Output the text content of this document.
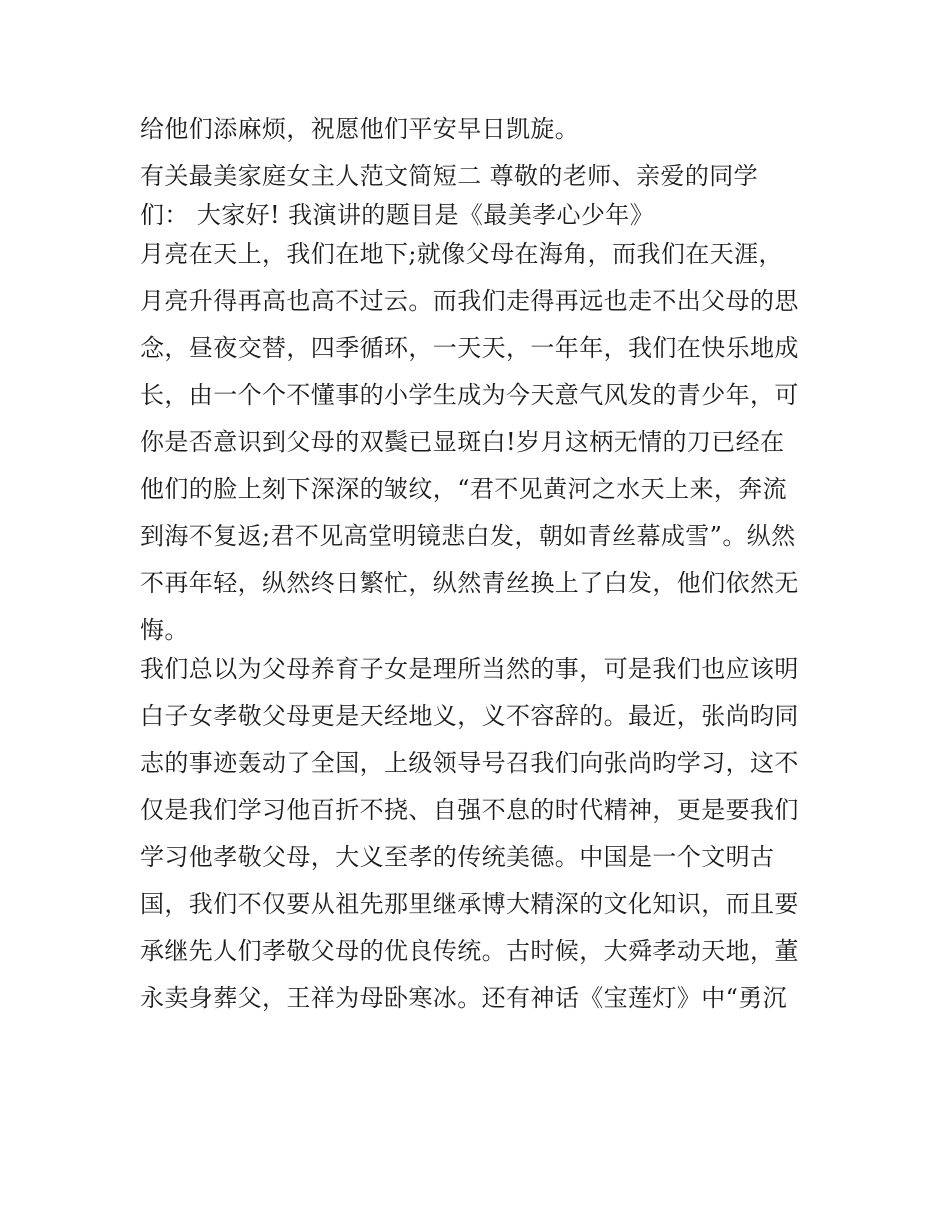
给他们添麻烦，祝愿他们平安早日凯旋。
有关最美家庭女主人范文简短二 尊敬的老师、亲爱的同学
们： 大家好! 我演讲的题目是《最美孝心少年》
月亮在天上，我们在地下;就像父母在海角，而我们在天涯，
月亮升得再高也高不过云。而我们走得再远也走不出父母的思
念，昼夜交替，四季循环，一天天，一年年，我们在快乐地成
长，由一个个不懂事的小学生成为今天意气风发的青少年，可
你是否意识到父母的双鬓已显斑白!岁月这柄无情的刀已经在
他们的脸上刻下深深的皱纹，“君不见黄河之水天上来，奔流
到海不复返;君不见高堂明镜悲白发，朝如青丝幕成雪”。纵然
不再年轻，纵然终日繁忙，纵然青丝换上了白发，他们依然无
悔。
我们总以为父母养育子女是理所当然的事，可是我们也应该明
白子女孝敬父母更是天经地义，义不容辞的。最近，张尚昀同
志的事迹轰动了全国，上级领导号召我们向张尚昀学习，这不
仅是我们学习他百折不挠、自强不息的时代精神，更是要我们
学习他孝敬父母，大义至孝的传统美德。中国是一个文明古
国，我们不仅要从祖先那里继承博大精深的文化知识，而且要
承继先人们孝敬父母的优良传统。古时候，大舜孝动天地，董
永卖身葬父，王祥为母卧寒冰。还有神话《宝莲灯》中“勇沉
